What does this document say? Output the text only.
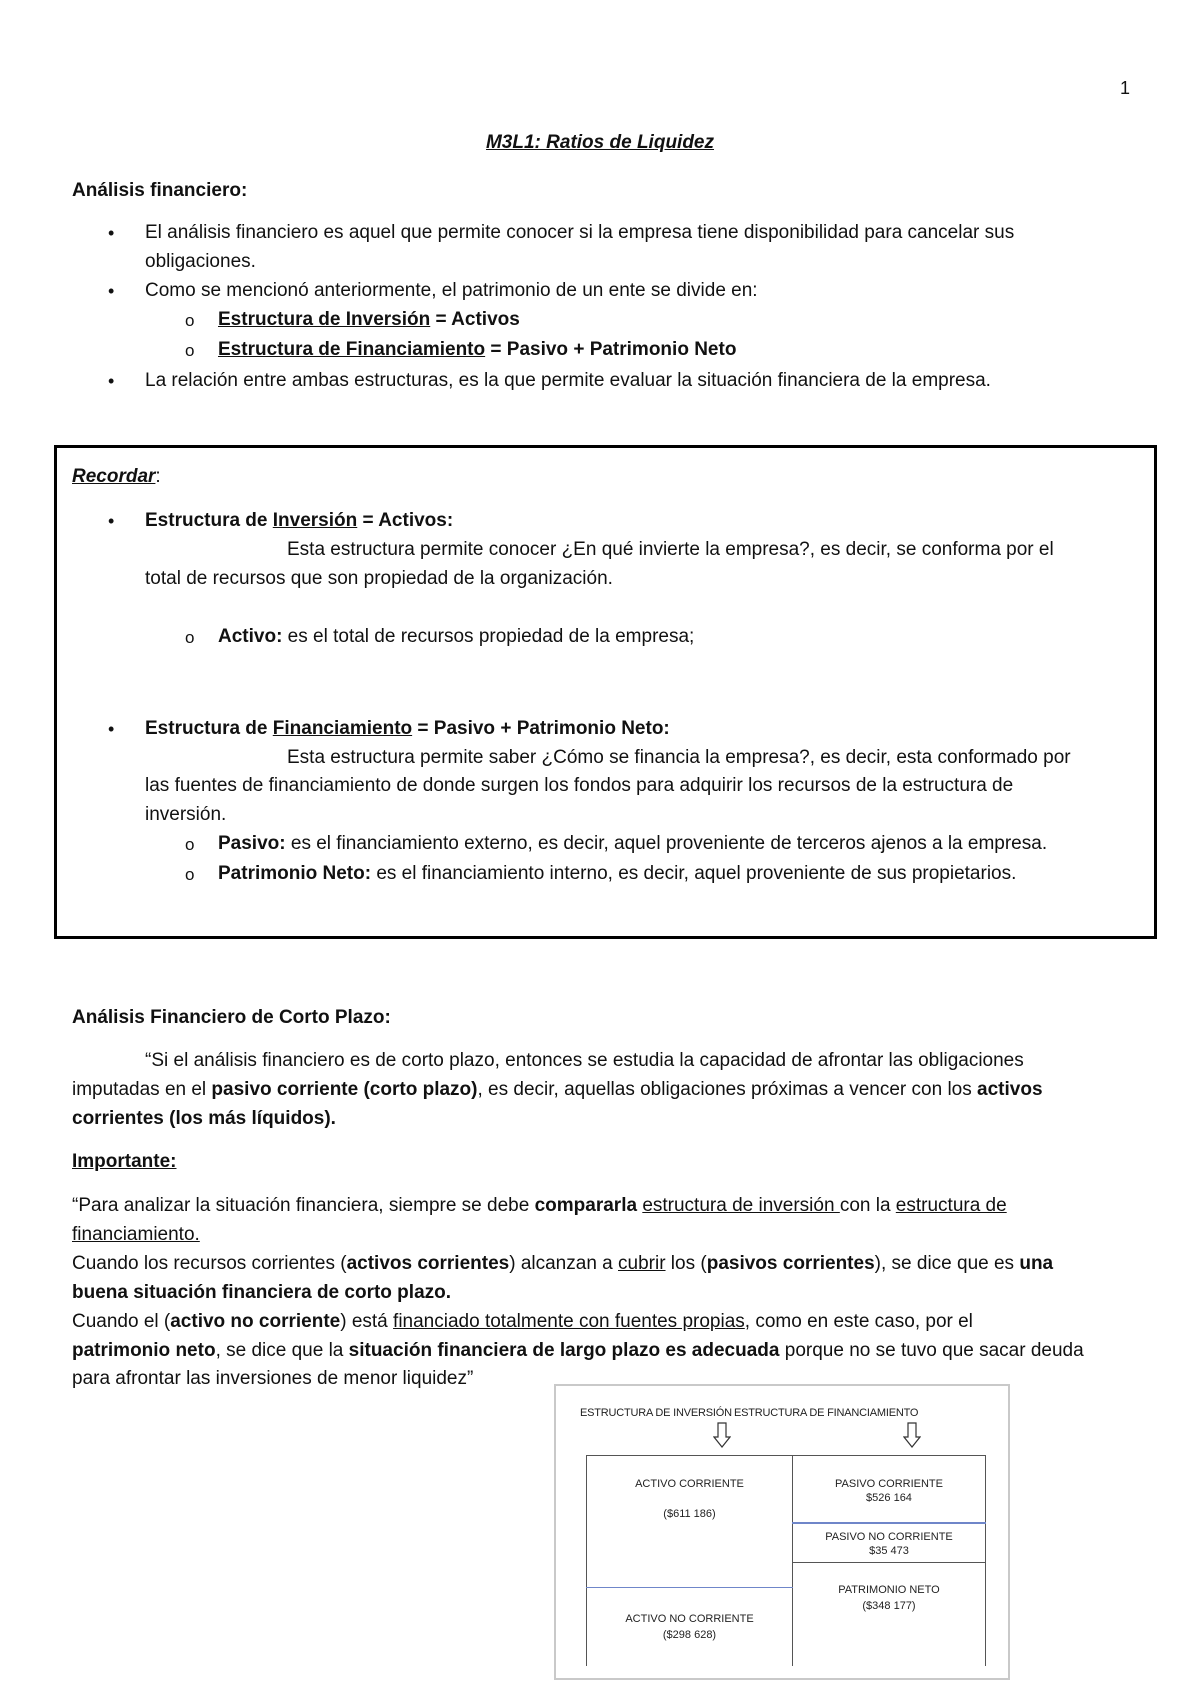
1
M3L1: Ratios de Liquidez
Análisis financiero:
• El análisis financiero es aquel que permite conocer si la empresa tiene disponibilidad para cancelar sus
obligaciones.
• Como se mencionó anteriormente, el patrimonio de un ente se divide en:
o Estructura de Inversión = Activos
o Estructura de Financiamiento = Pasivo + Patrimonio Neto
• La relación entre ambas estructuras, es la que permite evaluar la situación financiera de la empresa.
Recordar:
• Estructura de Inversión = Activos:
Esta estructura permite conocer ¿En qué invierte la empresa?, es decir, se conforma por el
total de recursos que son propiedad de la organización.
o Activo: es el total de recursos propiedad de la empresa;
• Estructura de Financiamiento = Pasivo + Patrimonio Neto:
Esta estructura permite saber ¿Cómo se financia la empresa?, es decir, esta conformado por
las fuentes de financiamiento de donde surgen los fondos para adquirir los recursos de la estructura de
inversión.
o Pasivo: es el financiamiento externo, es decir, aquel proveniente de terceros ajenos a la empresa.
o Patrimonio Neto: es el financiamiento interno, es decir, aquel proveniente de sus propietarios.
Análisis Financiero de Corto Plazo:
“Si el análisis financiero es de corto plazo, entonces se estudia la capacidad de afrontar las obligaciones
imputadas en el pasivo corriente (corto plazo), es decir, aquellas obligaciones próximas a vencer con los activos
corrientes (los más líquidos).
Importante:
“Para analizar la situación financiera, siempre se debe compararla estructura de inversión con la estructura de
financiamiento.
Cuando los recursos corrientes (activos corrientes) alcanzan a cubrir los (pasivos corrientes), se dice que es una
buena situación financiera de corto plazo.
Cuando el (activo no corriente) está financiado totalmente con fuentes propias, como en este caso, por el
patrimonio neto, se dice que la situación financiera de largo plazo es adecuada porque no se tuvo que sacar deuda
para afrontar las inversiones de menor liquidez”
ESTRUCTURA DE INVERSIÓN ESTRUCTURA DE FINANCIAMIENTO
ACTIVO CORRIENTE
($611 186)
ACTIVO NO CORRIENTE
($298 628)
PASIVO CORRIENTE
$526 164
PASIVO NO CORRIENTE
$35 473
PATRIMONIO NETO
($348 177)
